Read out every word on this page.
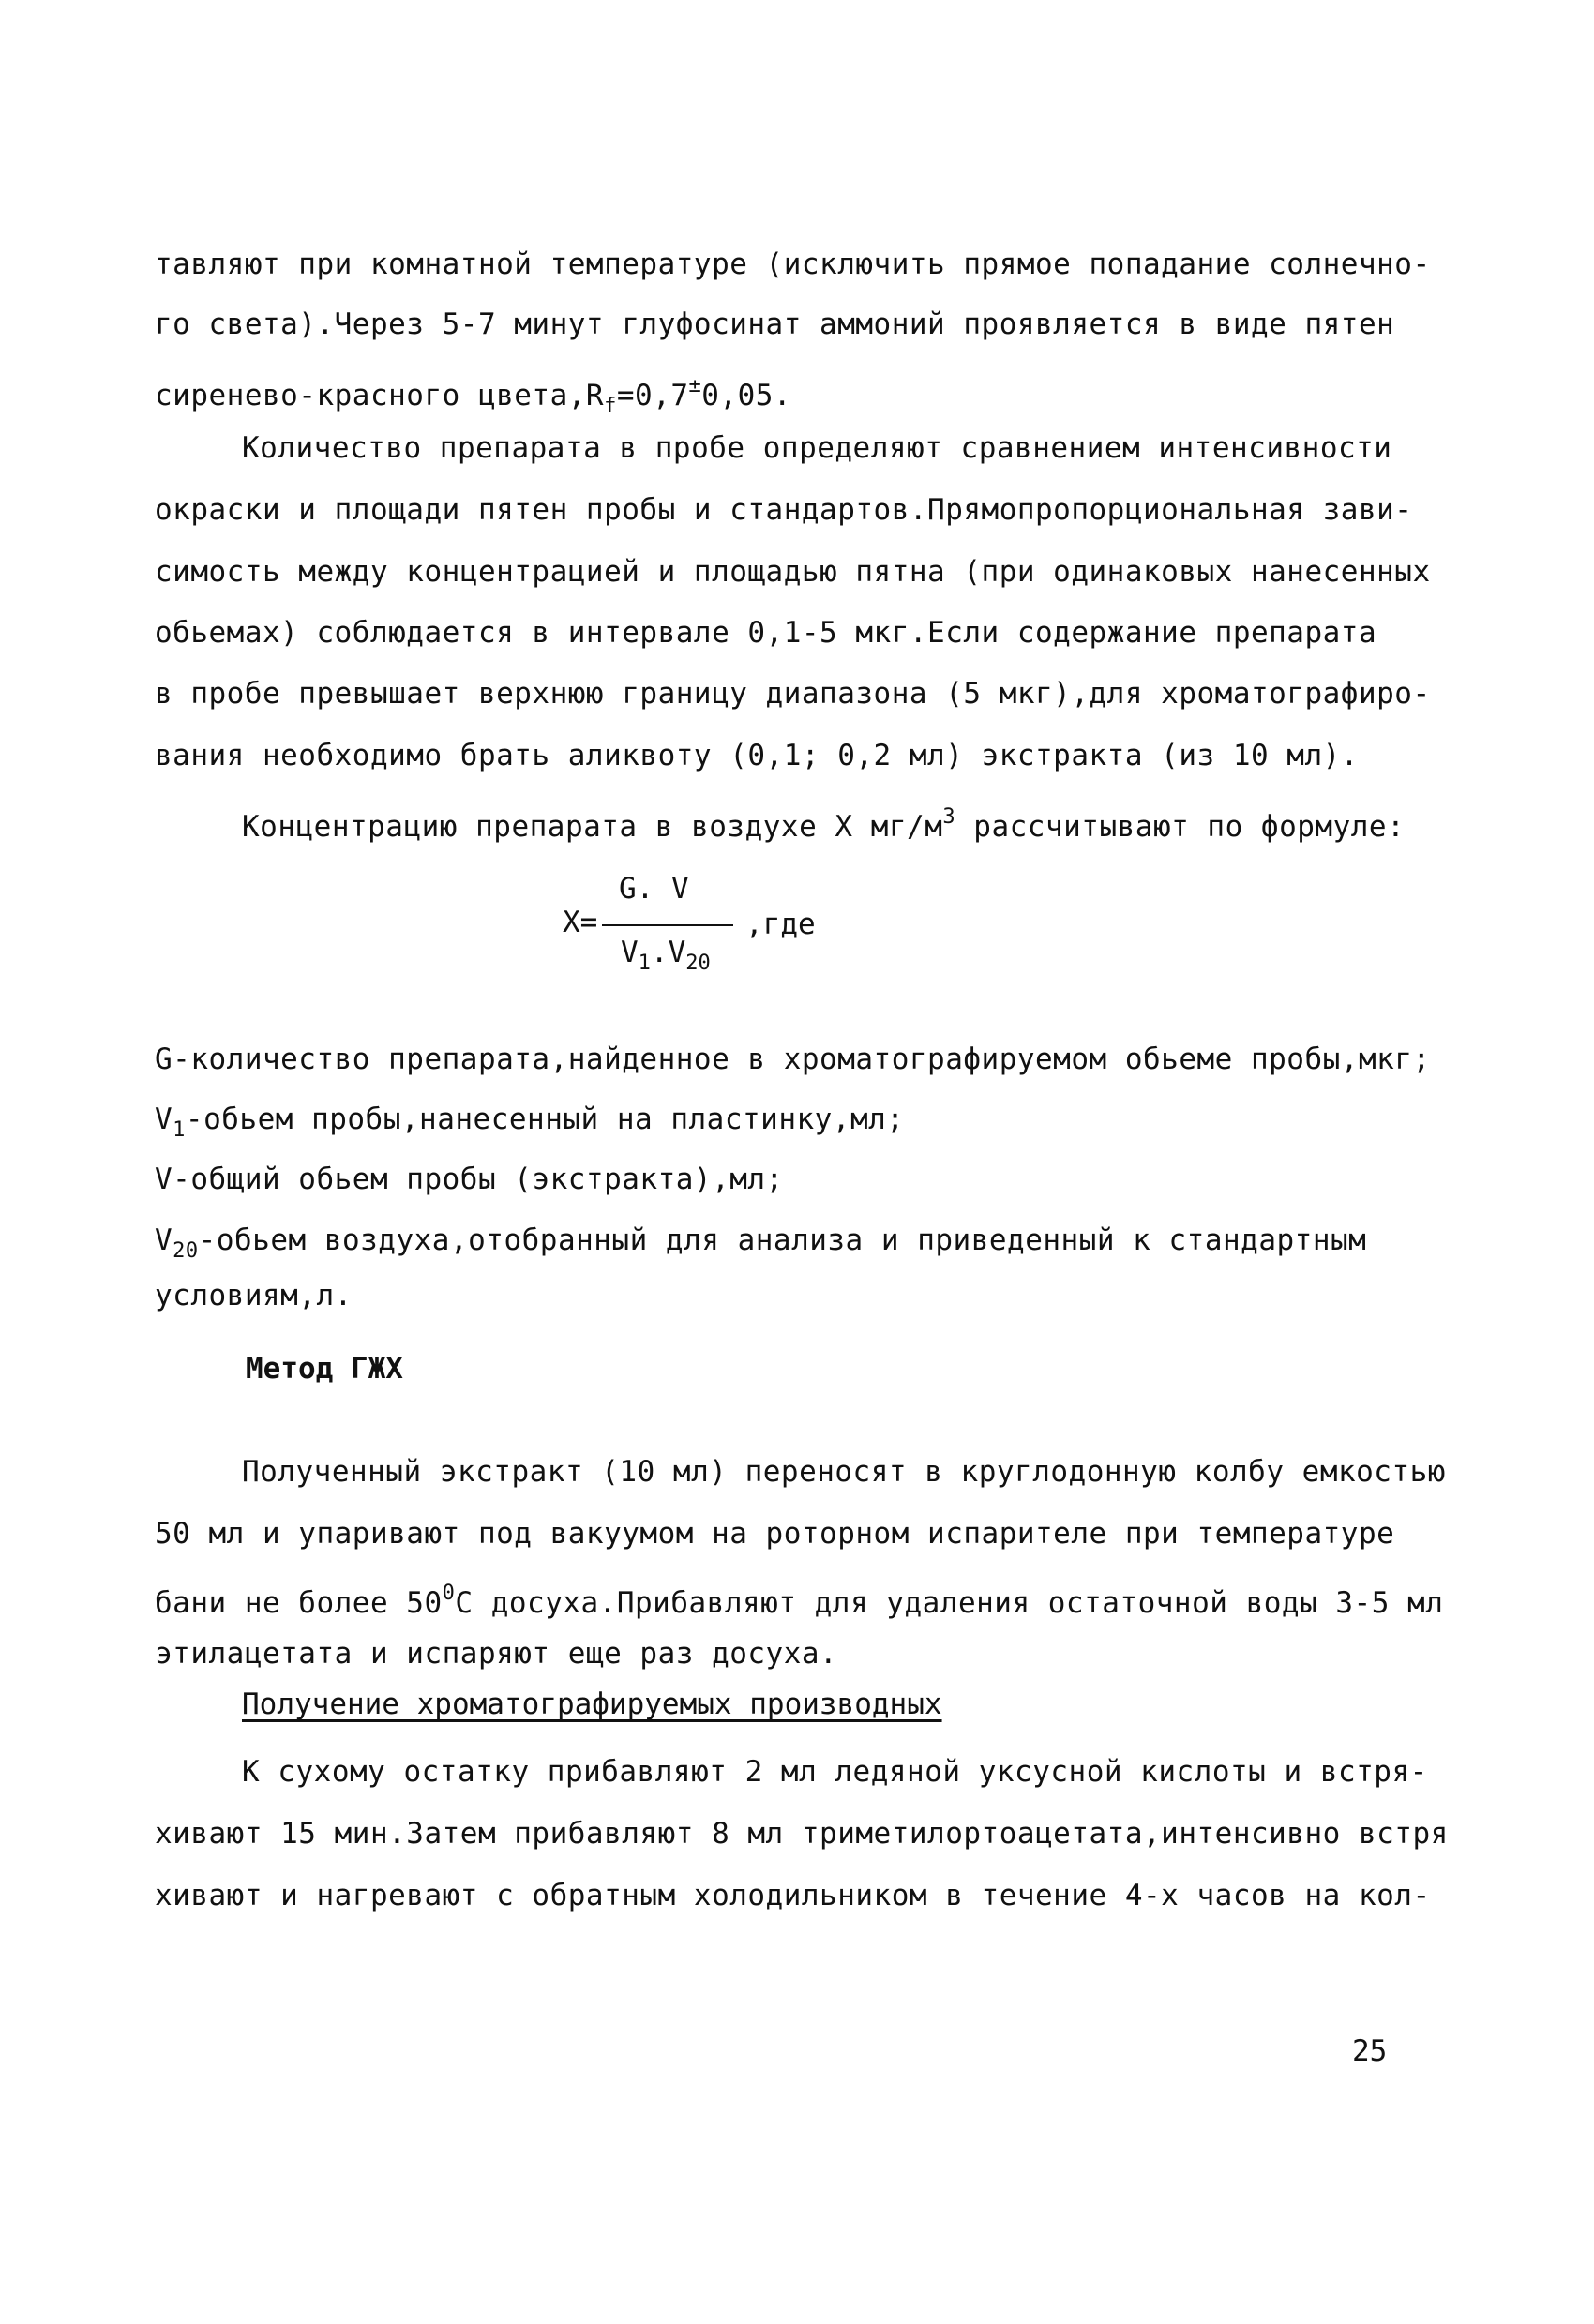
тавляют при комнатной температуре (исключить прямое попадание солнечно-
го света).Через 5-7 минут глуфосинат аммоний проявляется в виде пятен
сиренево-красного $цвета,R_f=0,7^\pm 0,05$.
Количество препарата в пробе определяют сравнением интенсивности
окраски и площади пятен пробы и стандартов.Прямопропорциональная зави-
симость между концентрацией и площадью пятна (при одинаковых нанесенных
обьемах) соблюдается в интервале 0,1-5 мкг.Если содержание препарата
в пробе превышает верхнюю границу диапазона (5 мкг),для хроматографиро-
вания необходимо брать аликвоту (0,1; 0,2 мл) экстракта (из 10 мл).
Концентрацию препарата в воздухе X $мг/м^3$ рассчитывают по формуле:
G. V
X=	,где
$V_1.V_{20}$
G-количество препарата,найденное в хроматографируемом обьеме пробы,мкг;
$V_1$-обьем пробы,нанесенный на пластинку,мл;
V-общий обьем пробы (экстракта),мл;
$V_{20}$-обьем воздуха,отобранный для анализа и приведенный к стандартным
условиям,л.
Метод ГЖХ
Полученный экстракт (10 мл) переносят в круглодонную колбу емкостью
50 мл и упаривают под вакуумом на роторном испарителе при температуре
бани не более $50^0С$ досуха.Прибавляют для удаления остаточной воды 3-5 мл
этилацетата и испаряют еще раз досуха.
Получение хроматографируемых производных
К сухому остатку прибавляют 2 мл ледяной уксусной кислоты и встря-
хивают 15 мин.Затем прибавляют 8 мл триметилортоацетата,интенсивно встря
хивают и нагревают с обратным холодильником в течение 4-х часов на кол-
25
